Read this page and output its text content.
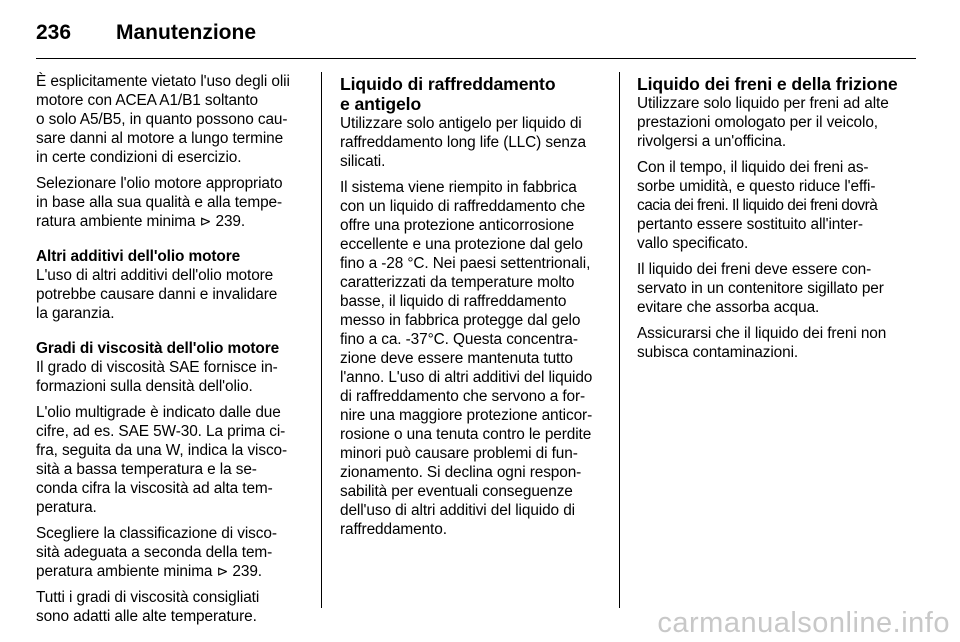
236 Manutenzione

È esplicitamente vietato l'uso degli olii
motore con ACEA A1/B1 soltanto
o solo A5/B5, in quanto possono cau-
sare danni al motore a lungo termine
in certe condizioni di esercizio.

Selezionare l'olio motore appropriato
in base alla sua qualità e alla tempe-
ratura ambiente minima ⊳ 239.

Altri additivi dell'olio motore
L'uso di altri additivi dell'olio motore
potrebbe causare danni e invalidare
la garanzia.

Gradi di viscosità dell'olio motore
Il grado di viscosità SAE fornisce in-
formazioni sulla densità dell'olio.

L'olio multigrade è indicato dalle due
cifre, ad es. SAE 5W-30. La prima ci-
fra, seguita da una W, indica la visco-
sità a bassa temperatura e la se-
conda cifra la viscosità ad alta tem-
peratura.

Scegliere la classificazione di visco-
sità adeguata a seconda della tem-
peratura ambiente minima ⊳ 239.

Tutti i gradi di viscosità consigliati
sono adatti alle alte temperature.

Liquido di raffreddamento
e antigelo

Utilizzare solo antigelo per liquido di
raffreddamento long life (LLC) senza
silicati.

Il sistema viene riempito in fabbrica
con un liquido di raffreddamento che
offre una protezione anticorrosione
eccellente e una protezione dal gelo
fino a -28 °C. Nei paesi settentrionali,
caratterizzati da temperature molto
basse, il liquido di raffreddamento
messo in fabbrica protegge dal gelo
fino a ca. -37°C. Questa concentra-
zione deve essere mantenuta tutto
l'anno. L'uso di altri additivi del liquido
di raffreddamento che servono a for-
nire una maggiore protezione anticor-
rosione o una tenuta contro le perdite
minori può causare problemi di fun-
zionamento. Si declina ogni respon-
sabilità per eventuali conseguenze
dell'uso di altri additivi del liquido di
raffreddamento.

Liquido dei freni e della frizione
Utilizzare solo liquido per freni ad alte
prestazioni omologato per il veicolo,
rivolgersi a un'officina.

Con il tempo, il liquido dei freni as-
sorbe umidità, e questo riduce l'effi-
cacia dei freni. Il liquido dei freni dovrà
pertanto essere sostituito all'inter-
vallo specificato.

Il liquido dei freni deve essere con-
servato in un contenitore sigillato per
evitare che assorba acqua.

Assicurarsi che il liquido dei freni non
subisca contaminazioni.

carmanualsonline.info
